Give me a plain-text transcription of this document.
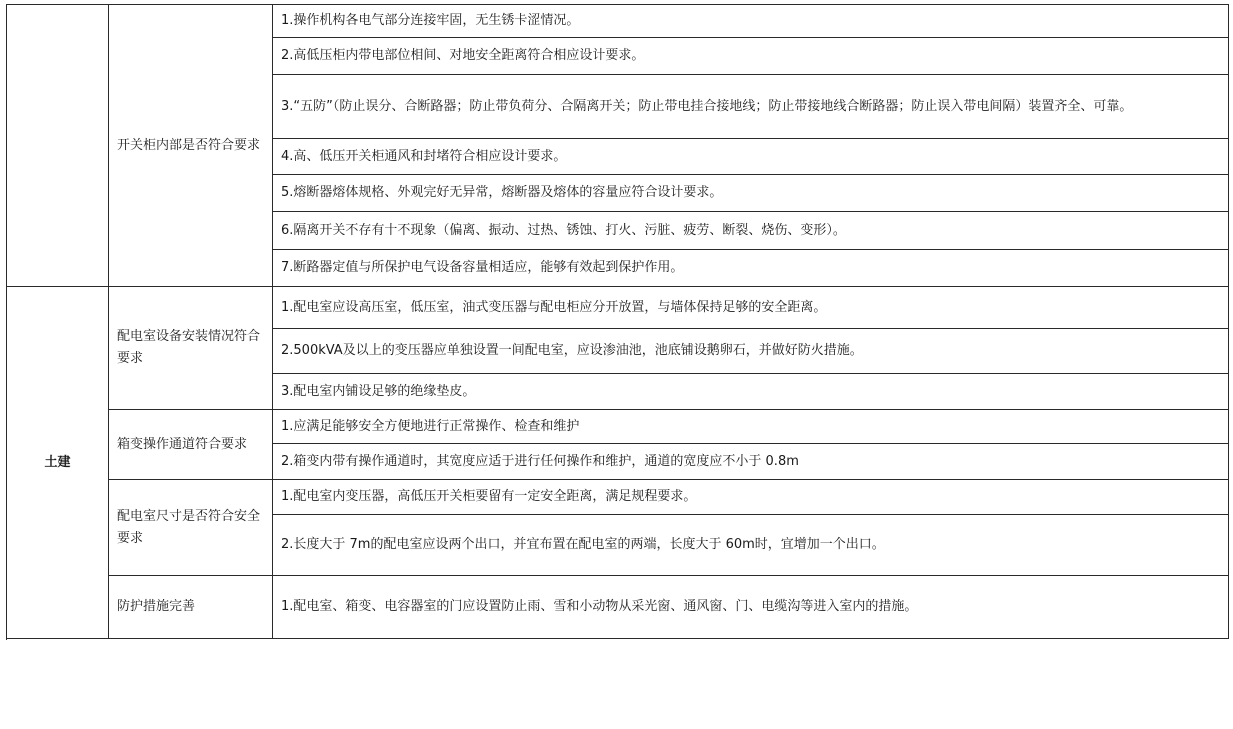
	开关柜内部是否符合要求	1.操作机构各电气部分连接牢固，无生锈卡涩情况。
		2.高低压柜内带电部位相间、对地安全距离符合相应设计要求。
		3.“五防”（防止误分、合断路器；防止带负荷分、合隔离开关；防止带电挂合接地线；防止带接地线合断路器；防止误入带电间隔）装置齐全、可靠。
		4.高、低压开关柜通风和封堵符合相应设计要求。
		5.熔断器熔体规格、外观完好无异常，熔断器及熔体的容量应符合设计要求。
		6.隔离开关不存有十不现象（偏离、振动、过热、锈蚀、打火、污脏、疲劳、断裂、烧伤、变形）。
		7.断路器定值与所保护电气设备容量相适应，能够有效起到保护作用。

土建	配电室设备安装情况符合要求	1.配电室应设高压室，低压室，油式变压器与配电柜应分开放置，与墙体保持足够的安全距离。
		2.500kVA及以上的变压器应单独设置一间配电室，应设渗油池，池底铺设鹅卵石，并做好防火措施。
		3.配电室内铺设足够的绝缘垫皮。
	箱变操作通道符合要求	1.应满足能够安全方便地进行正常操作、检查和维护
		2.箱变内带有操作通道时，其宽度应适于进行任何操作和维护，通道的宽度应不小于 0.8m
	配电室尺寸是否符合安全要求	1.配电室内变压器，高低压开关柜要留有一定安全距离，满足规程要求。
		2.长度大于 7m的配电室应设两个出口，并宜布置在配电室的两端，长度大于 60m时，宜增加一个出口。
	防护措施完善	1.配电室、箱变、电容器室的门应设置防止雨、雪和小动物从采光窗、通风窗、门、电缆沟等进入室内的措施。
